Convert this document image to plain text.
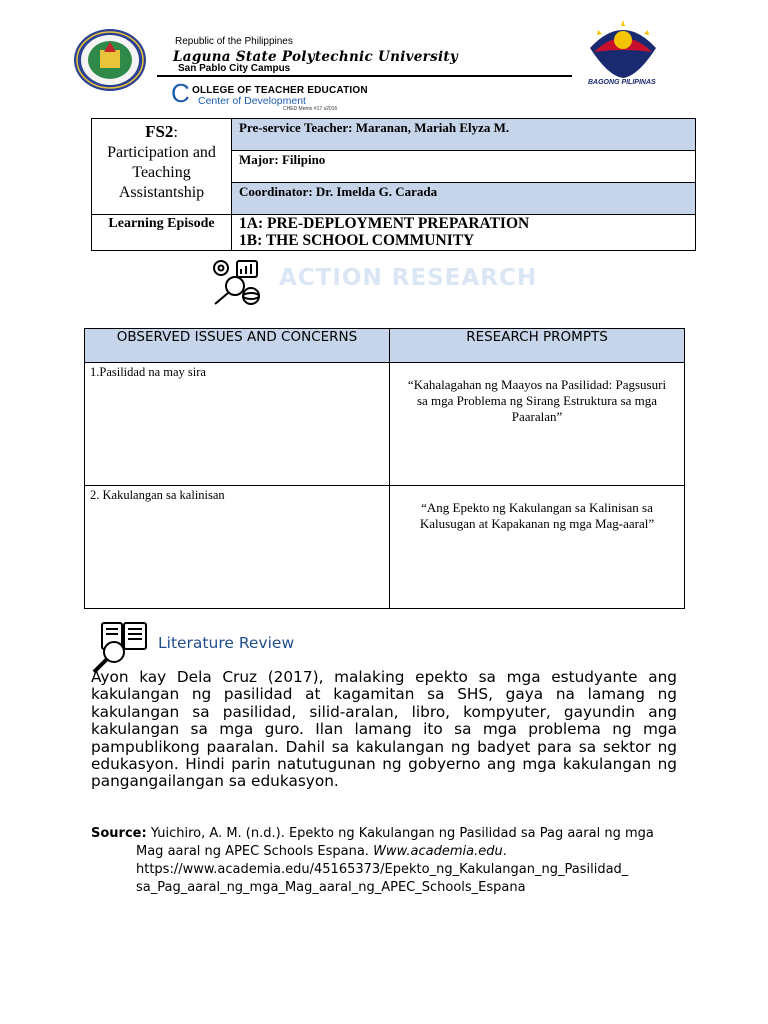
Republic of the Philippines
Laguna State Polytechnic University
San Pablo City Campus
C OLLEGE OF TEACHER EDUCATION
Center of Development
CHED Memo #17 s2016
BAGONG PILIPINAS
FS2:
Participation and Teaching Assistantship	Pre-service Teacher: Maranan, Mariah Elyza M.
	Major: Filipino
	Coordinator: Dr. Imelda G. Carada
Learning Episode	1A: PRE-DEPLOYMENT PREPARATION
1B: THE SCHOOL COMMUNITY
ACTION RESEARCH
OBSERVED ISSUES AND CONCERNS	RESEARCH PROMPTS
1.Pasilidad na may sira	“Kahalagahan ng Maayos na Pasilidad: Pagsusuri sa mga Problema ng Sirang Estruktura sa mga Paaralan”

2. Kakulangan sa kalinisan	“Ang Epekto ng Kakulangan sa Kalinisan sa Kalusugan at Kapakanan ng mga Mag-aaral”
Literature Review
Ayon kay Dela Cruz (2017), malaking epekto sa mga estudyante ang kakulangan ng pasilidad at kagamitan sa SHS, gaya na lamang ng kakulangan sa pasilidad, silid-aralan, libro, kompyuter, gayundin ang kakulangan sa mga guro. Ilan lamang ito sa mga problema ng mga pampublikong paaralan. Dahil sa kakulangan ng badyet para sa sektor ng edukasyon. Hindi parin natutugunan ng gobyerno ang mga kakulangan ng pangangailangan sa edukasyon.
Source: Yuichiro, A. M. (n.d.). Epekto ng Kakulangan ng Pasilidad sa Pag aaral ng mga
Mag aaral ng APEC Schools Espana. Www.academia.edu.
https://www.academia.edu/45165373/Epekto_ng_Kakulangan_ng_Pasilidad_
sa_Pag_aaral_ng_mga_Mag_aaral_ng_APEC_Schools_Espana
